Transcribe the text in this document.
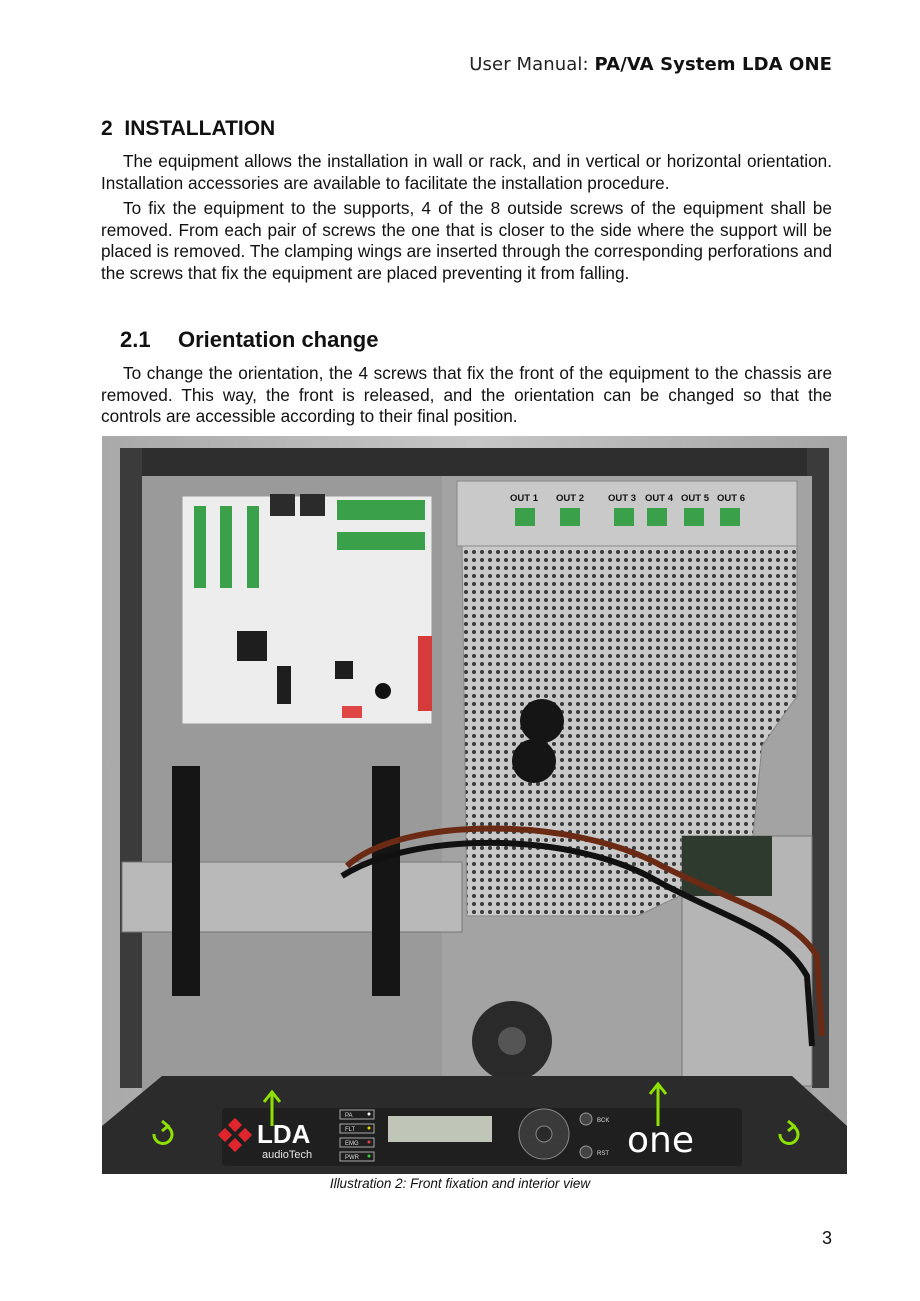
User Manual: PA/VA System LDA ONE
2 INSTALLATION
The equipment allows the installation in wall or rack, and in vertical or horizontal orientation. Installation accessories are available to facilitate the installation procedure.
To fix the equipment to the supports, 4 of the 8 outside screws of the equipment shall be removed. From each pair of screws the one that is closer to the side where the support will be placed is removed. The clamping wings are inserted through the corresponding perforations and the screws that fix the equipment are placed preventing it from falling.
2.1 Orientation change
To change the orientation, the 4 screws that fix the front of the equipment to the chassis are removed. This way, the front is released, and the orientation can be changed so that the controls are accessible according to their final position.
OUT 1 OUT 2	OUT 3 OUT 4 OUT 5 OUT 6
LDA
audioTech
PA
FLT
EMG
PWR
BCK
RST one
Illustration 2: Front fixation and interior view
3
